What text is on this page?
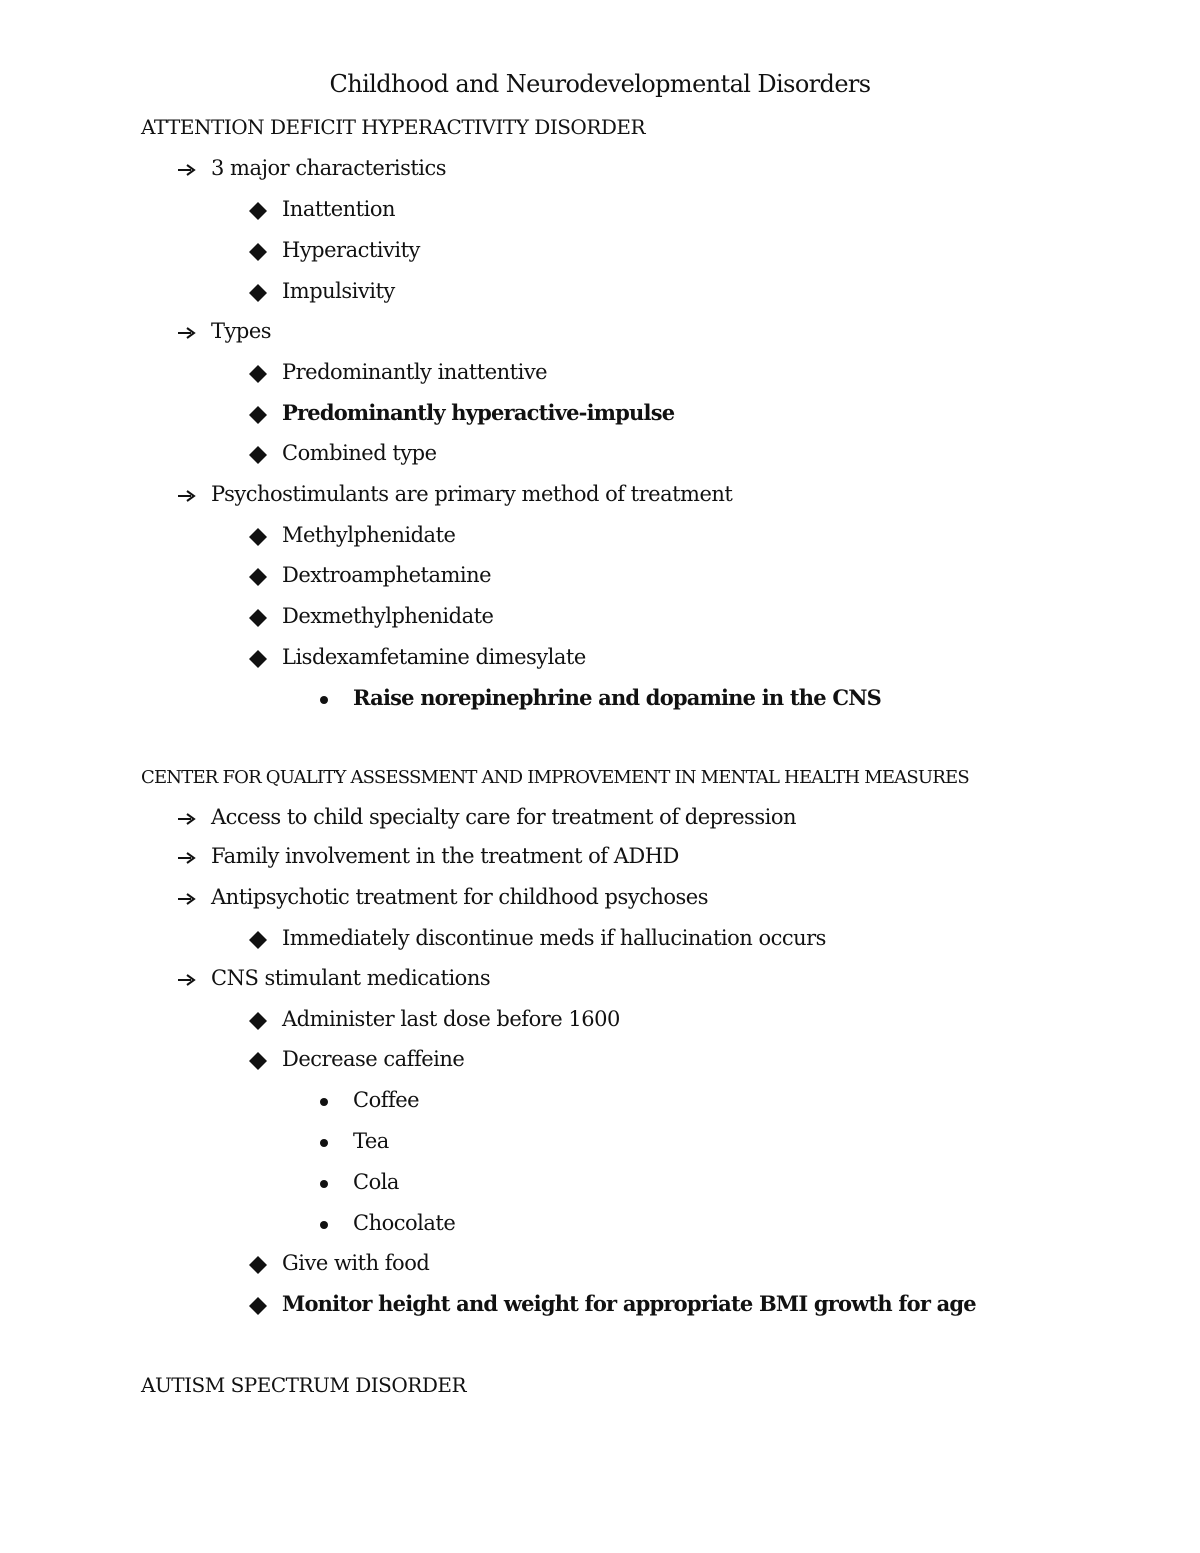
Childhood and Neurodevelopmental Disorders
ATTENTION DEFICIT HYPERACTIVITY DISORDER
3 major characteristics
Inattention
Hyperactivity
Impulsivity
Types
Predominantly inattentive
Predominantly hyperactive-impulse
Combined type
Psychostimulants are primary method of treatment
Methylphenidate
Dextroamphetamine
Dexmethylphenidate
Lisdexamfetamine dimesylate
Raise norepinephrine and dopamine in the CNS
CENTER FOR QUALITY ASSESSMENT AND IMPROVEMENT IN MENTAL HEALTH MEASURES
Access to child specialty care for treatment of depression
Family involvement in the treatment of ADHD
Antipsychotic treatment for childhood psychoses
Immediately discontinue meds if hallucination occurs
CNS stimulant medications
Administer last dose before 1600
Decrease caffeine
Coffee
Tea
Cola
Chocolate
Give with food
Monitor height and weight for appropriate BMI growth for age
AUTISM SPECTRUM DISORDER
